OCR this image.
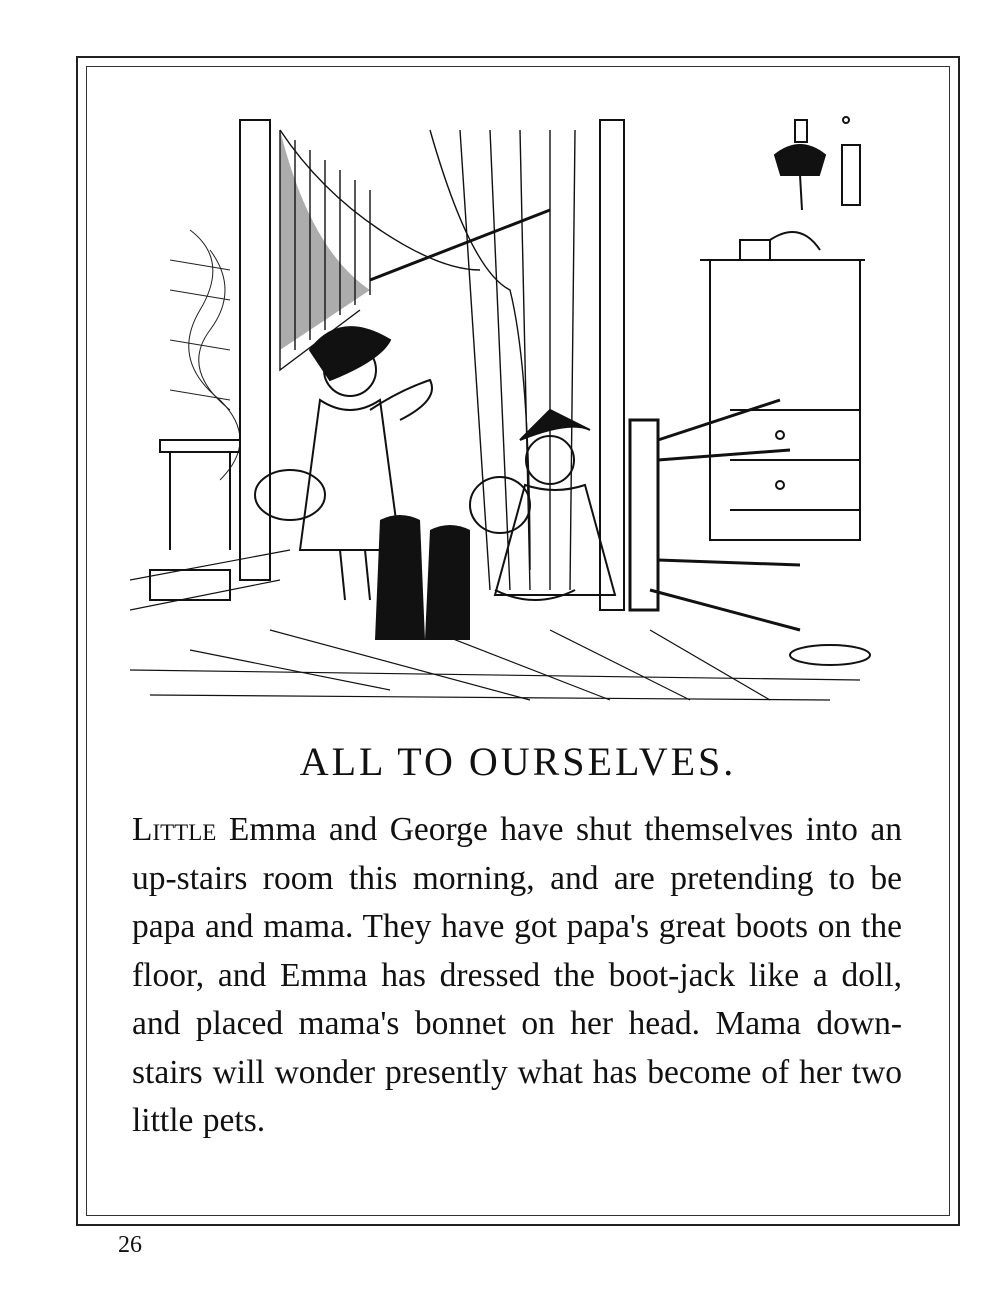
ALL TO OURSELVES.

Little Emma and George have shut themselves into an up-stairs room this morning, and are pretending to be papa and mama. They have got papa's great boots on the floor, and Emma has dressed the boot-jack like a doll, and placed mama's bonnet on her head. Mama down-stairs will wonder presently what has become of her two little pets.

26
